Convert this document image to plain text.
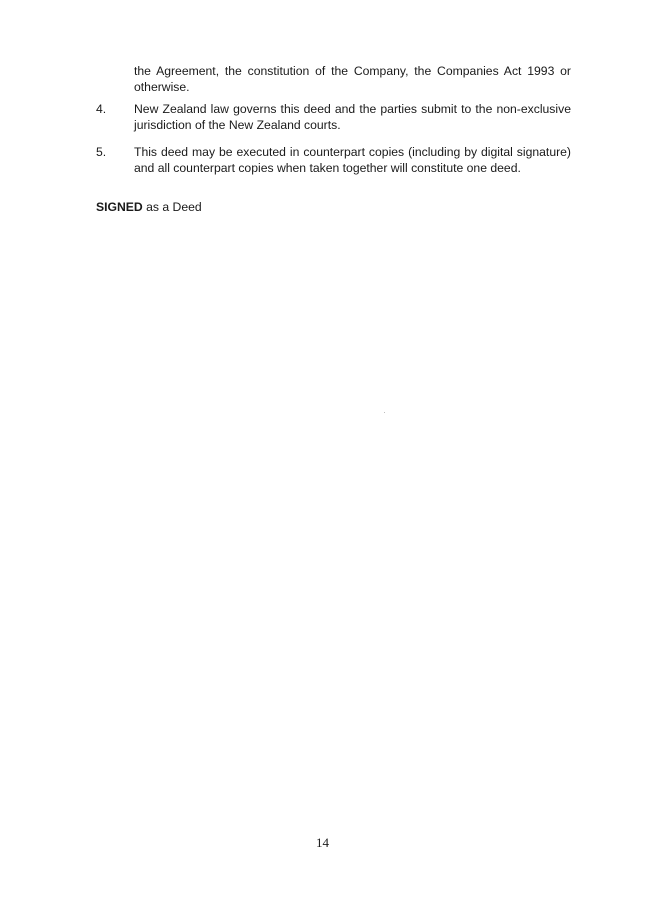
the Agreement, the constitution of the Company, the Companies Act 1993 or otherwise.
4. New Zealand law governs this deed and the parties submit to the non-exclusive jurisdiction of the New Zealand courts.
5. This deed may be executed in counterpart copies (including by digital signature) and all counterpart copies when taken together will constitute one deed.
SIGNED as a Deed
14
